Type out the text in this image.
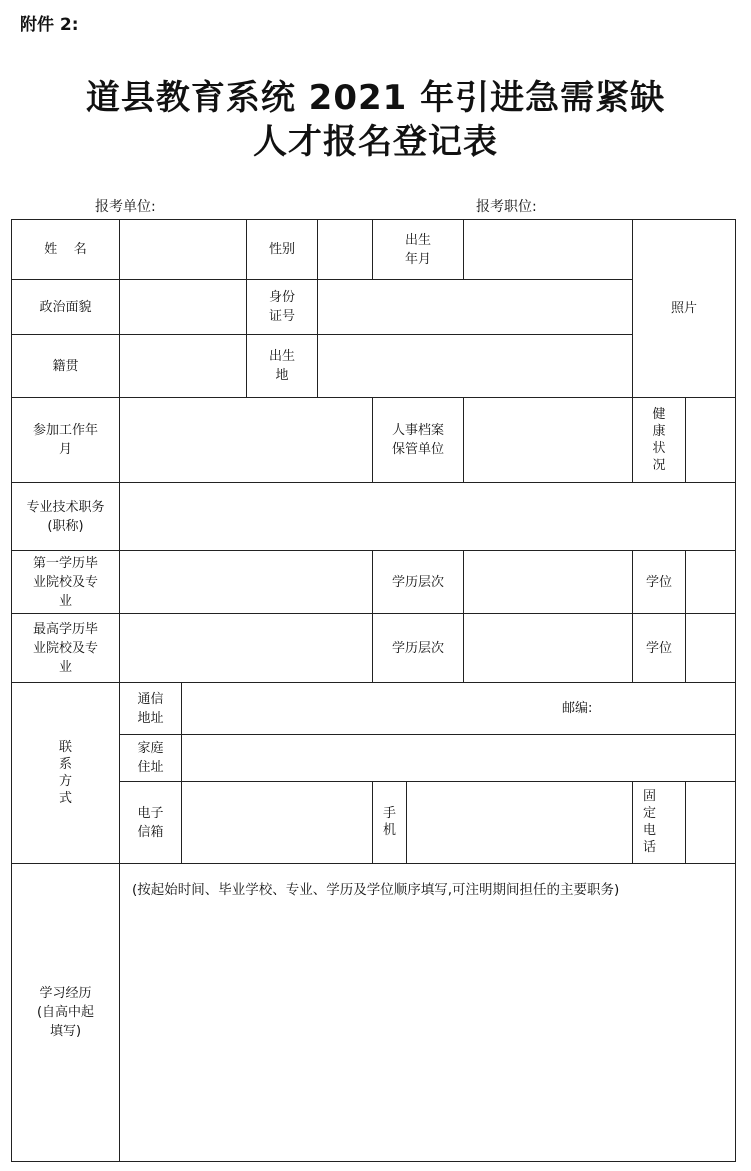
附件 2:
道县教育系统 2021 年引进急需紧缺
人才报名登记表
报考单位:	报考职位:
姓    名			性别		出生年月			照片	
政治面貌			身份证号						
籍贯			出生地						
参加工作年月					人事档案保管单位			健康状况	
专业技术职务(职称)									
第一学历毕业院校及专业					学历层次			学位	
最高学历毕业院校及专业					学历层次			学位	
联系方式	通信地址	邮编:							
	家庭住址								
	电子信箱				手机			固定电话	
学习经历(自高中起填写)	(按起始时间、毕业学校、专业、学历及学位顺序填写,可注明期间担任的主要职务)								
